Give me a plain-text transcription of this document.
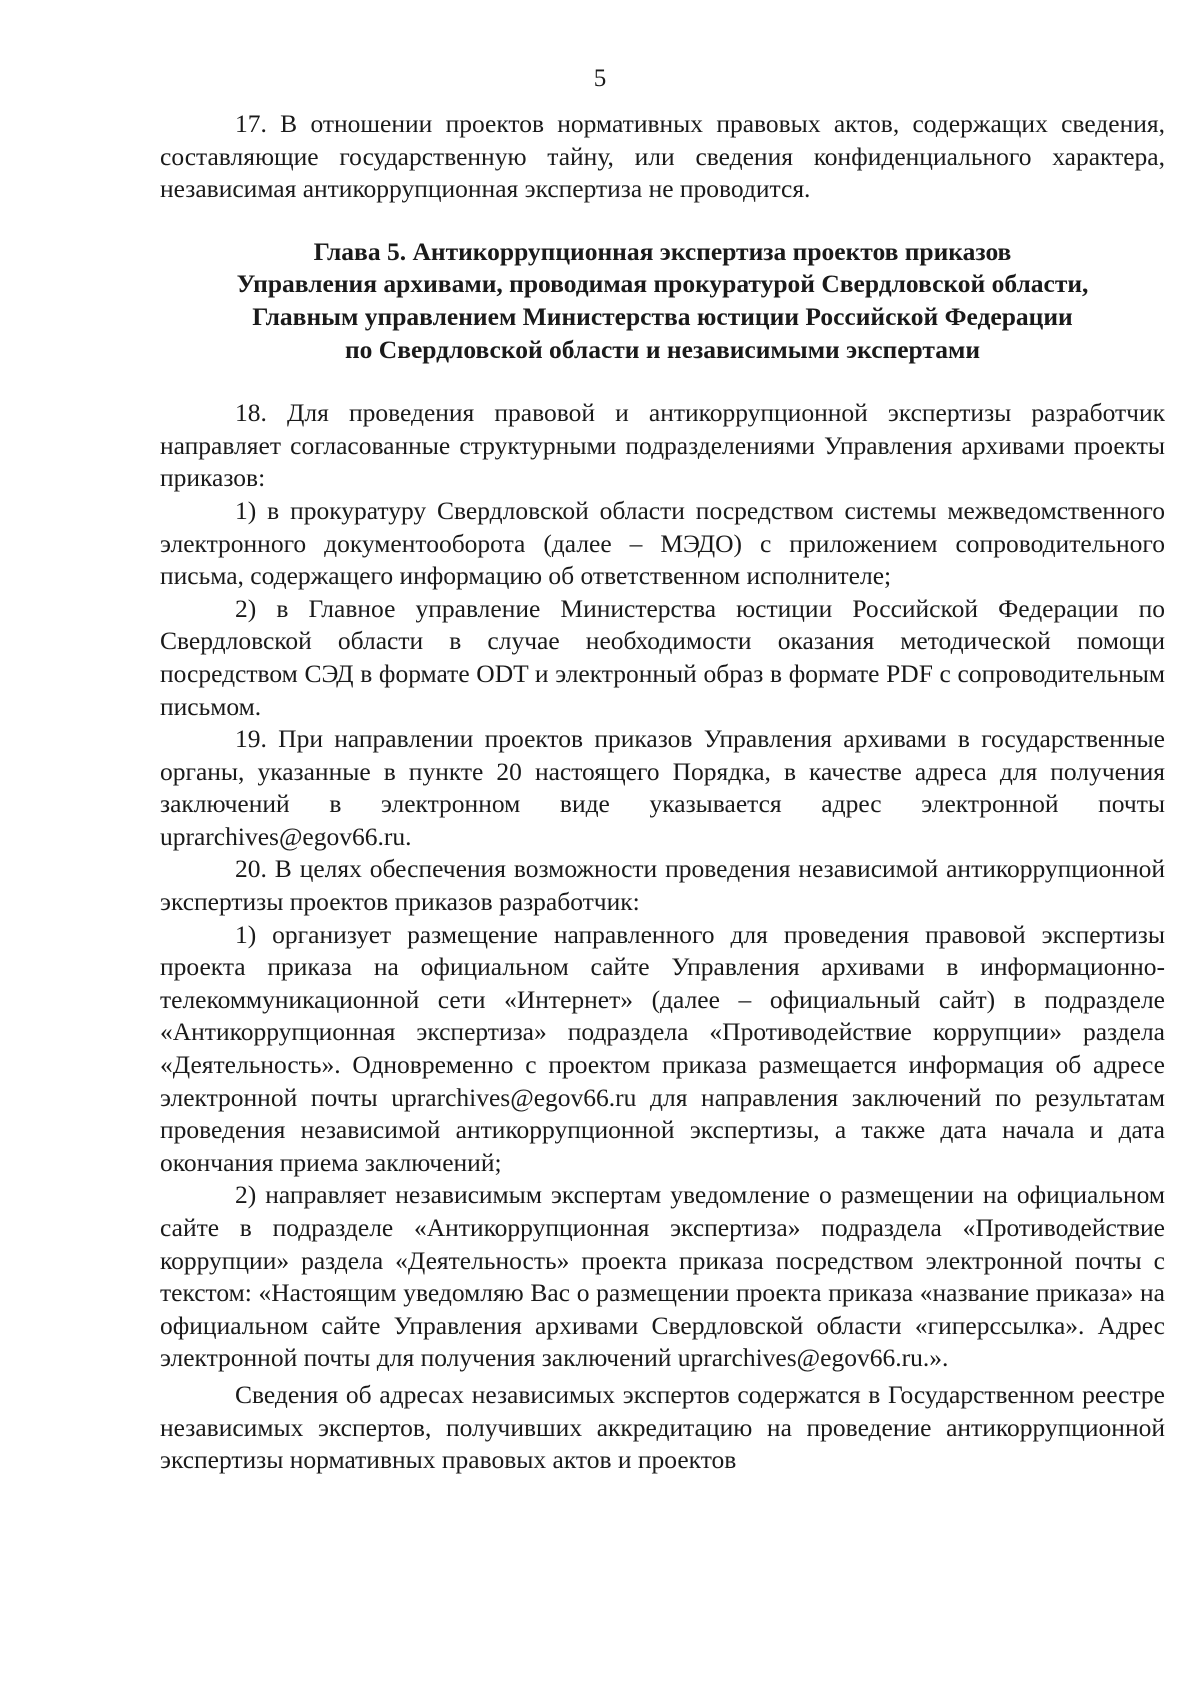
5

17. В отношении проектов нормативных правовых актов, содержащих сведения, составляющие государственную тайну, или сведения конфиденциального характера, независимая антикоррупционная экспертиза не проводится.

Глава 5. Антикоррупционная экспертиза проектов приказов

Управления архивами, проводимая прокуратурой Свердловской области,

Главным управлением Министерства юстиции Российской Федерации

по Свердловской области и независимыми экспертами

18. Для проведения правовой и антикоррупционной экспертизы разработчик направляет согласованные структурными подразделениями Управления архивами проекты приказов:

1) в прокуратуру Свердловской области посредством системы межведомственного электронного документооборота (далее – МЭДО) с приложением сопроводительного письма, содержащего информацию об ответственном исполнителе;

2) в Главное управление Министерства юстиции Российской Федерации по Свердловской области в случае необходимости оказания методической помощи посредством СЭД в формате ODT и электронный образ в формате PDF с сопроводительным письмом.

19. При направлении проектов приказов Управления архивами в государственные органы, указанные в пункте 20 настоящего Порядка, в качестве адреса для получения заключений в электронном виде указывается адрес электронной почты uprarchives@egov66.ru.

20. В целях обеспечения возможности проведения независимой антикоррупционной экспертизы проектов приказов разработчик:

1) организует размещение направленного для проведения правовой экспертизы проекта приказа на официальном сайте Управления архивами в информационно-телекоммуникационной сети «Интернет» (далее – официальный сайт) в подразделе «Антикоррупционная экспертиза» подраздела «Противодействие коррупции» раздела «Деятельность». Одновременно с проектом приказа размещается информация об адресе электронной почты uprarchives@egov66.ru для направления заключений по результатам проведения независимой антикоррупционной экспертизы, а также дата начала и дата окончания приема заключений;

2) направляет независимым экспертам уведомление о размещении на официальном сайте в подразделе «Антикоррупционная экспертиза» подраздела «Противодействие коррупции» раздела «Деятельность» проекта приказа посредством электронной почты с текстом: «Настоящим уведомляю Вас о размещении проекта приказа «название приказа» на официальном сайте Управления архивами Свердловской области «гиперссылка». Адрес электронной почты для получения заключений uprarchives@egov66.ru.».

Сведения об адресах независимых экспертов содержатся в Государственном реестре независимых экспертов, получивших аккредитацию на проведение антикоррупционной экспертизы нормативных правовых актов и проектов
